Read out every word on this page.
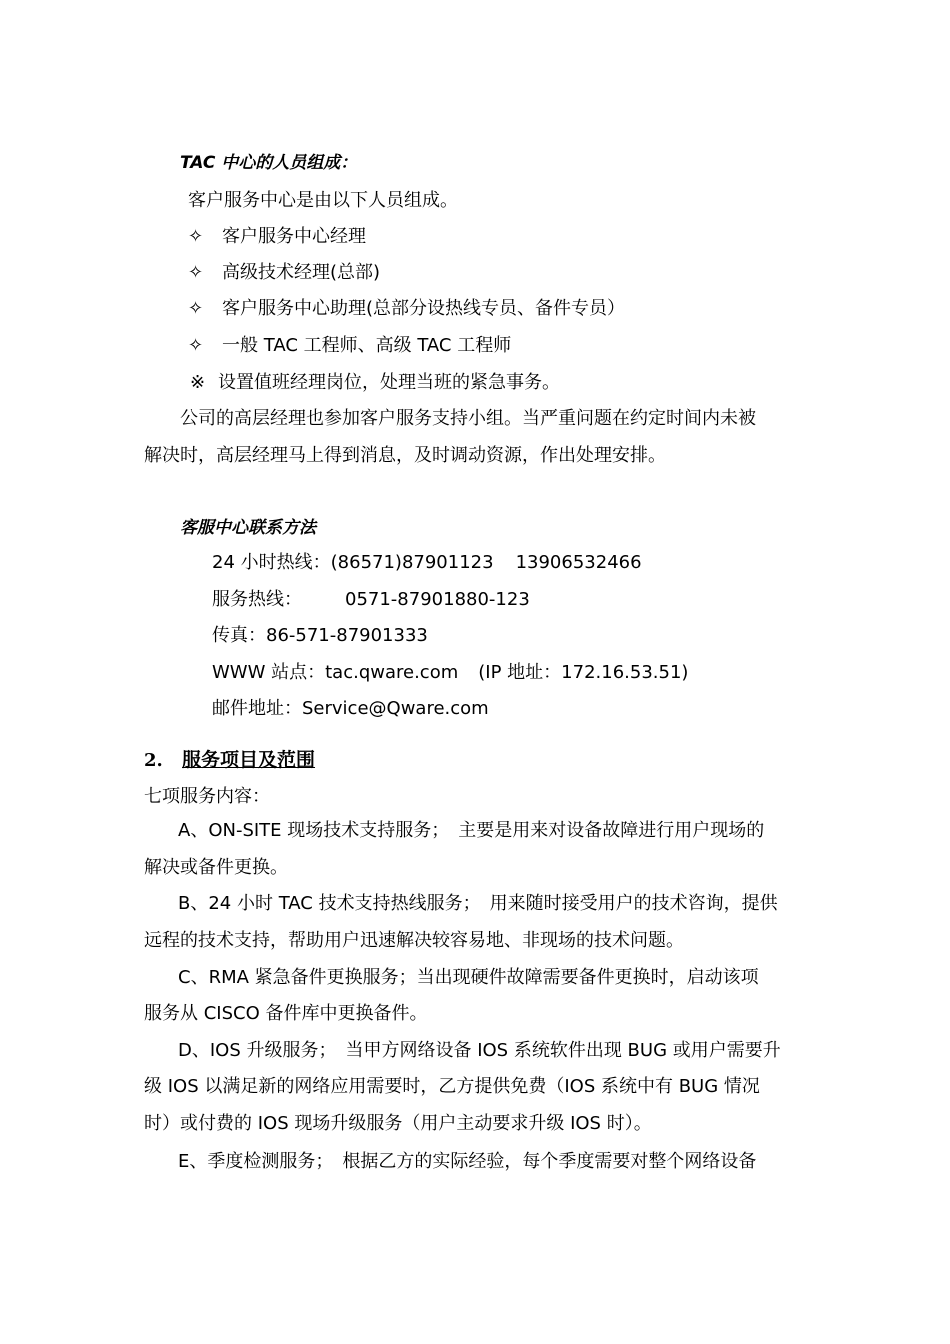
TAC 中心的人员组成：
客户服务中心是由以下人员组成。
✧ 客户服务中心经理
✧ 高级技术经理(总部)
✧ 客户服务中心助理(总部分设热线专员、备件专员）
✧ 一般 TAC 工程师、高级 TAC 工程师
※ 设置值班经理岗位，处理当班的紧急事务。
公司的高层经理也参加客户服务支持小组。当严重问题在约定时间内未被
解决时，高层经理马上得到消息，及时调动资源，作出处理安排。
客服中心联系方法
24 小时热线：(86571)87901123 13906532466
服务热线： 0571-87901880-123
传真：86-571-87901333
WWW 站点：tac.qware.com (IP 地址：172.16.53.51)
邮件地址：Service@Qware.com
2. 服务项目及范围
七项服务内容：
A、ON-SITE 现场技术支持服务；　主要是用来对设备故障进行用户现场的
解决或备件更换。
B、24 小时 TAC 技术支持热线服务；　用来随时接受用户的技术咨询，提供
远程的技术支持，帮助用户迅速解决较容易地、非现场的技术问题。
C、RMA 紧急备件更换服务；当出现硬件故障需要备件更换时，启动该项
服务从 CISCO 备件库中更换备件。
D、IOS 升级服务；　当甲方网络设备 IOS 系统软件出现 BUG 或用户需要升
级 IOS 以满足新的网络应用需要时，乙方提供免费（IOS 系统中有 BUG 情况
时）或付费的 IOS 现场升级服务（用户主动要求升级 IOS 时）。
E、季度检测服务；　根据乙方的实际经验，每个季度需要对整个网络设备
